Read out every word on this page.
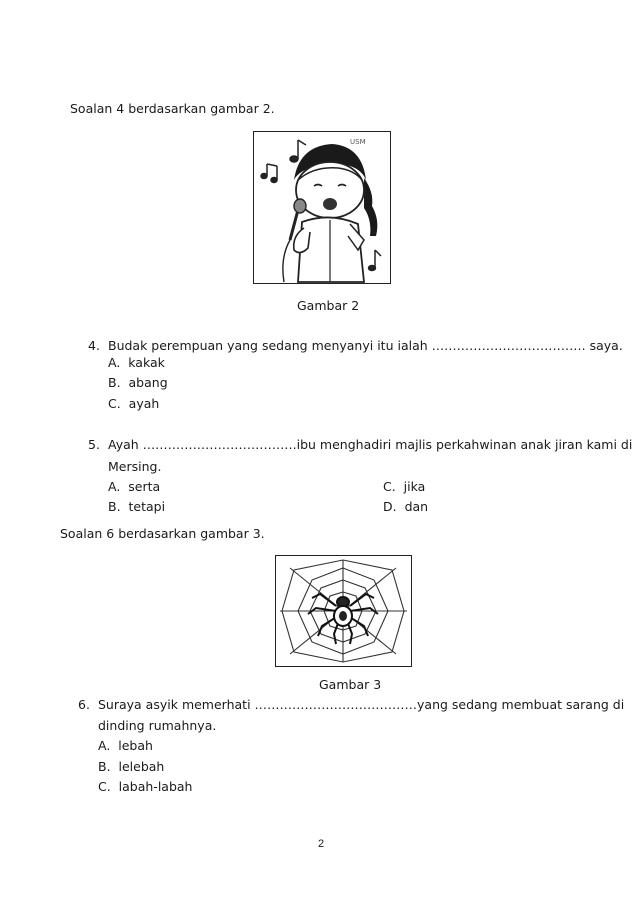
Soalan 4 berdasarkan gambar 2.
USM
Gambar 2
4. Budak perempuan yang sedang menyanyi itu ialah ………………………………. saya.
A. kakak
B. abang
C. ayah
5. Ayah ……………………………….ibu menghadiri majlis perkahwinan anak jiran kami di
Mersing.
A. serta
B. tetapi
C. jika
D. dan
Soalan 6 berdasarkan gambar 3.
Gambar 3
6. Suraya asyik memerhati …………………………………yang sedang membuat sarang di
dinding rumahnya.
A. lebah
B. lelebah
C. labah-labah
2
